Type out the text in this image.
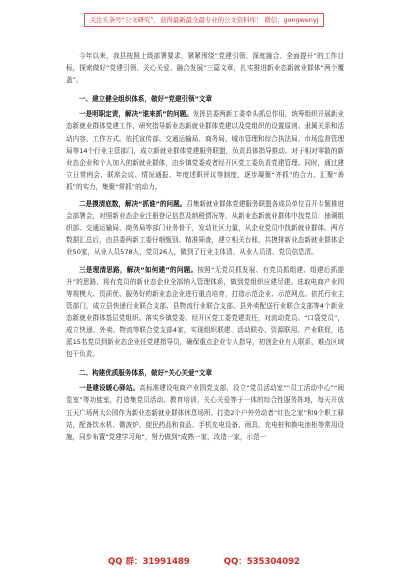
关注头条号“公文研究”，获得最新最全最专业的公文资料库！ 微信：gongwenyj

今年以来，我县按照上级部署要求，紧紧围绕“党建引领、深度融合、全面提升”的工作目标，探索做好“党建引领、关心关爱、融合发展”三篇文章，扎实推进新业态新就业群体“两个覆盖”。

一、建立健全组织体系，做好“党建引领”文章

一是明职定责，解决“谁来抓”的问题。发挥县委两新工委牵头抓总作用，统筹组织开展新业态新就业群体党建工作，研究指导新业态新就业群体党建以及党组织的设置原则、隶属关系和活动内容、工作方式。依托宣传部、交通运输局、商务局、城市管理和综合执法局、市场监督管理局等14个行业主管部门，成立新就业群体党建服务联盟，负责具体指导推动。对于相对零散的新业态企业和个人加入的新就业群体，由乡镇党委或者经开区党工委负责党建管理。同时，通过建立日常例会、联席会议、情况通报、年度述职评议等制度，逐步凝聚“齐抓”的合力、汇聚“善抓”的实力，集聚“常抓”的动力。

二是摸清底数，解决“抓谁”的问题。召集新就业群体党建服务联盟各成员单位召开专题推进会部署会，对照新业态企业注册登记信息及纳税情况等，从新业态新就业群体中找党员：抽调组织部、交通运输局、商务局等部门业务骨干，发动社区力量，从企业党员中找新就业群体。两方数据汇总后，由县委两新工委仔细甄别、精准筛查，建立相关台账，共摸排新业态新就业群体企业50家，从业人员578人，党员26人，做到了行业主体清、从业人员清、党员信息清。

三是理清思路，解决“如何建”的问题。按照“无党员抓发展、有党员抓组建、组建后抓提升”的思路，将有党员的新业态企业全部纳入管理体系，做到党组织应建尽建。选取电商产业园等规模大、资质优、服务好的新业态企业进行重点培育，打造示范企业、示范网点。依托行业主管部门，成立县快递行业联合支部、县物流行业联合支部、县外卖配送行业联合支部等4个新业态新就业群体基层党组织。落实乡镇党委、经开区党工委党建责任，对流动党员、“口袋党员”，成立快递、外卖、物流等联合党支部4家，实现组织联建、活动联办、资源联用、产业联促，选派15名党员到新业态企业任党建指导员，确保重点企业专人指导，初创企业有人联系，难点区域包干负责。

二、构建优质服务体系，做好“关心关爱”文章

一是建设暖心驿站。高标准建设电商产业园党支部，设立“党员活动室”“员工活动中心”“阅览室”等功能室，打造集党员活动、教育培训、关心关爱等于一体的综合性服务阵地，每天开放五天广场两大公园作为新业态新就业群体休息场所。打造2个户外劳动者“红色之家”和9个职工驿站，配备饮水机、微波炉、便民药品和食品、手机充电设备、雨具、充电桩和换电池柜等常用设施，同步布置“党建学习角”，努力做到“成熟一家，改造一家，示范一

QQ 群：31991489	QQ：535304092
